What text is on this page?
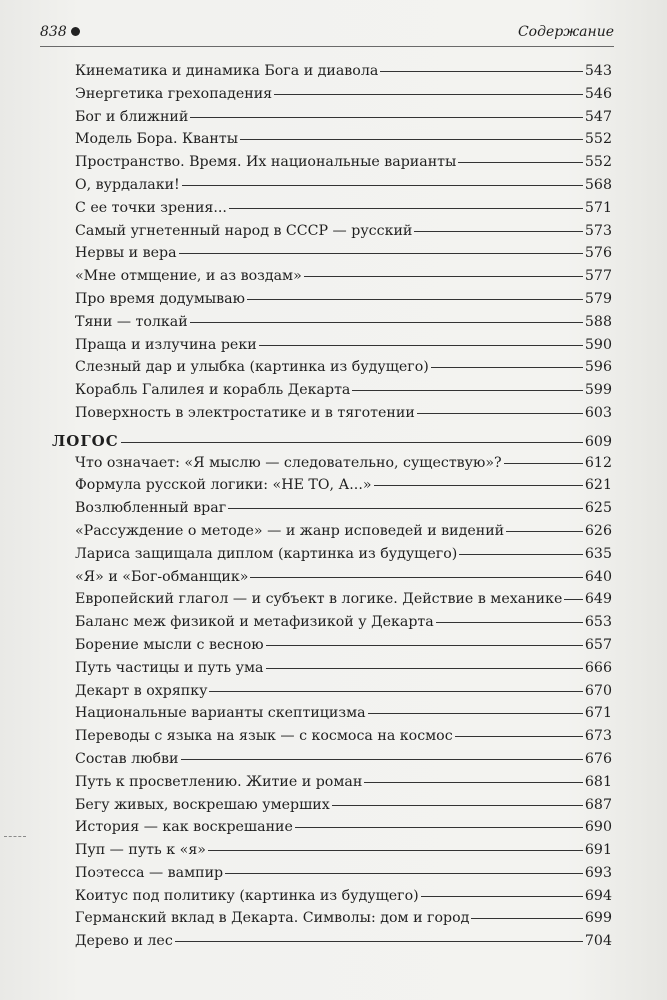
838	Содержание
Кинематика и динамика Бога и диавола	543
Энергетика грехопадения	546
Бог и ближний	547
Модель Бора. Кванты	552
Пространство. Время. Их национальные варианты	552
О, вурдалаки!	568
С ее точки зрения...	571
Самый угнетенный народ в СССР — русский	573
Нервы и вера	576
«Мне отмщение, и аз воздам»	577
Про время додумываю	579
Тяни — толкай	588
Праща и излучина реки	590
Слезный дар и улыбка (картинка из будущего)	596
Корабль Галилея и корабль Декарта	599
Поверхность в электростатике и в тяготении	603
ЛОГОС	609
Что означает: «Я мыслю — следовательно, существую»?	612
Формула русской логики: «НЕ ТО, А...»	621
Возлюбленный враг	625
«Рассуждение о методе» — и жанр исповедей и видений	626
Лариса защищала диплом (картинка из будущего)	635
«Я» и «Бог-обманщик»	640
Европейский глагол — и субъект в логике. Действие в механике 649
Баланс меж физикой и метафизикой у Декарта	653
Борение мысли с весною	657
Путь частицы и путь ума	666
Декарт в охряпку	670
Национальные варианты скептицизма	671
Переводы с языка на язык — с космоса на космос	673
Состав любви	676
Путь к просветлению. Житие и роман	681
Бегу живых, воскрешаю умерших	687
История — как воскрешание	690
Пуп — путь к «я»	691
Поэтесса — вампир	693
Коитус под политику (картинка из будущего)	694
Германский вклад в Декарта. Символы: дом и город	699
Дерево и лес	704
